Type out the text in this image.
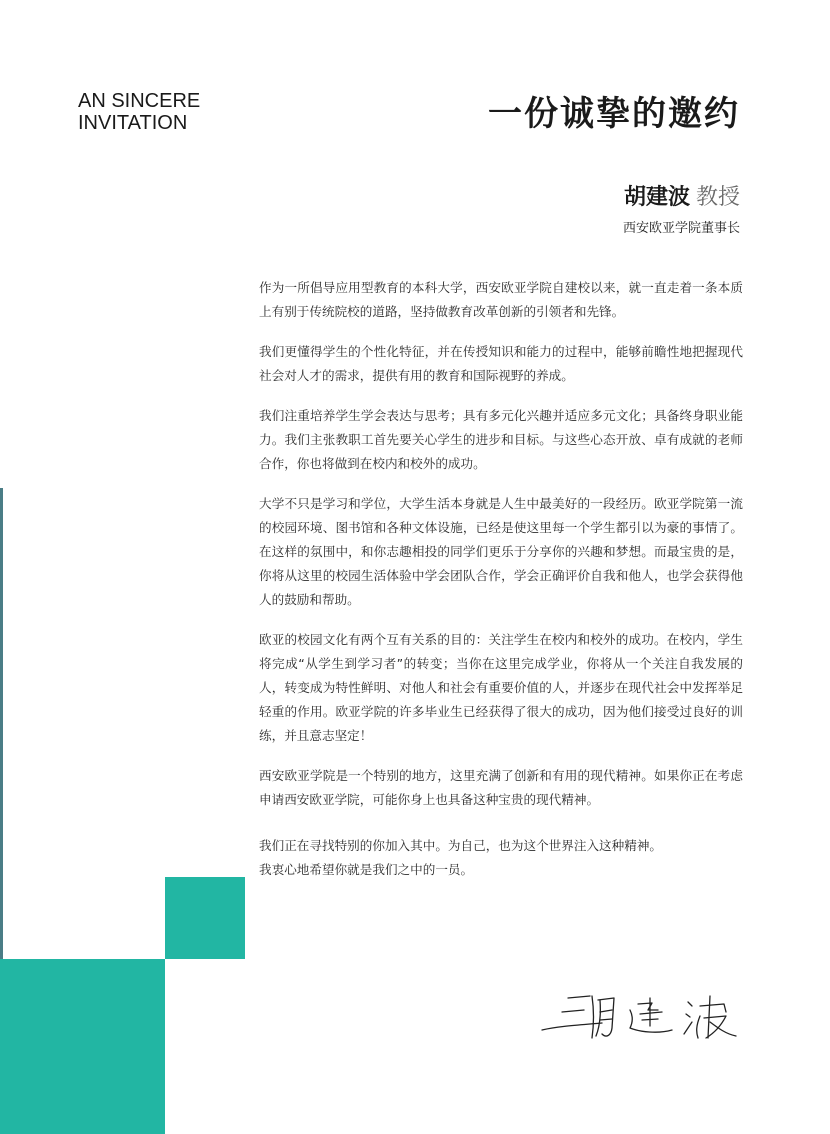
AN SINCERE
INVITATION	一份诚挚的邀约
胡建波 教授
西安欧亚学院董事长

作为一所倡导应用型教育的本科大学，西安欧亚学院自建校以来，就一直走着一条本质上有别于传统院校的道路，坚持做教育改革创新的引领者和先锋。

我们更懂得学生的个性化特征，并在传授知识和能力的过程中，能够前瞻性地把握现代社会对人才的需求，提供有用的教育和国际视野的养成。

我们注重培养学生学会表达与思考；具有多元化兴趣并适应多元文化；具备终身职业能力。我们主张教职工首先要关心学生的进步和目标。与这些心态开放、卓有成就的老师合作，你也将做到在校内和校外的成功。

大学不只是学习和学位，大学生活本身就是人生中最美好的一段经历。欧亚学院第一流的校园环境、图书馆和各种文体设施，已经是使这里每一个学生都引以为豪的事情了。在这样的氛围中，和你志趣相投的同学们更乐于分享你的兴趣和梦想。而最宝贵的是，你将从这里的校园生活体验中学会团队合作，学会正确评价自我和他人，也学会获得他人的鼓励和帮助。

欧亚的校园文化有两个互有关系的目的：关注学生在校内和校外的成功。在校内，学生将完成“从学生到学习者”的转变；当你在这里完成学业，你将从一个关注自我发展的人，转变成为特性鲜明、对他人和社会有重要价值的人，并逐步在现代社会中发挥举足轻重的作用。欧亚学院的许多毕业生已经获得了很大的成功，因为他们接受过良好的训练，并且意志坚定！

西安欧亚学院是一个特别的地方，这里充满了创新和有用的现代精神。如果你正在考虑申请西安欧亚学院，可能你身上也具备这种宝贵的现代精神。

我们正在寻找特别的你加入其中。为自己，也为这个世界注入这种精神。
我衷心地希望你就是我们之中的一员。
